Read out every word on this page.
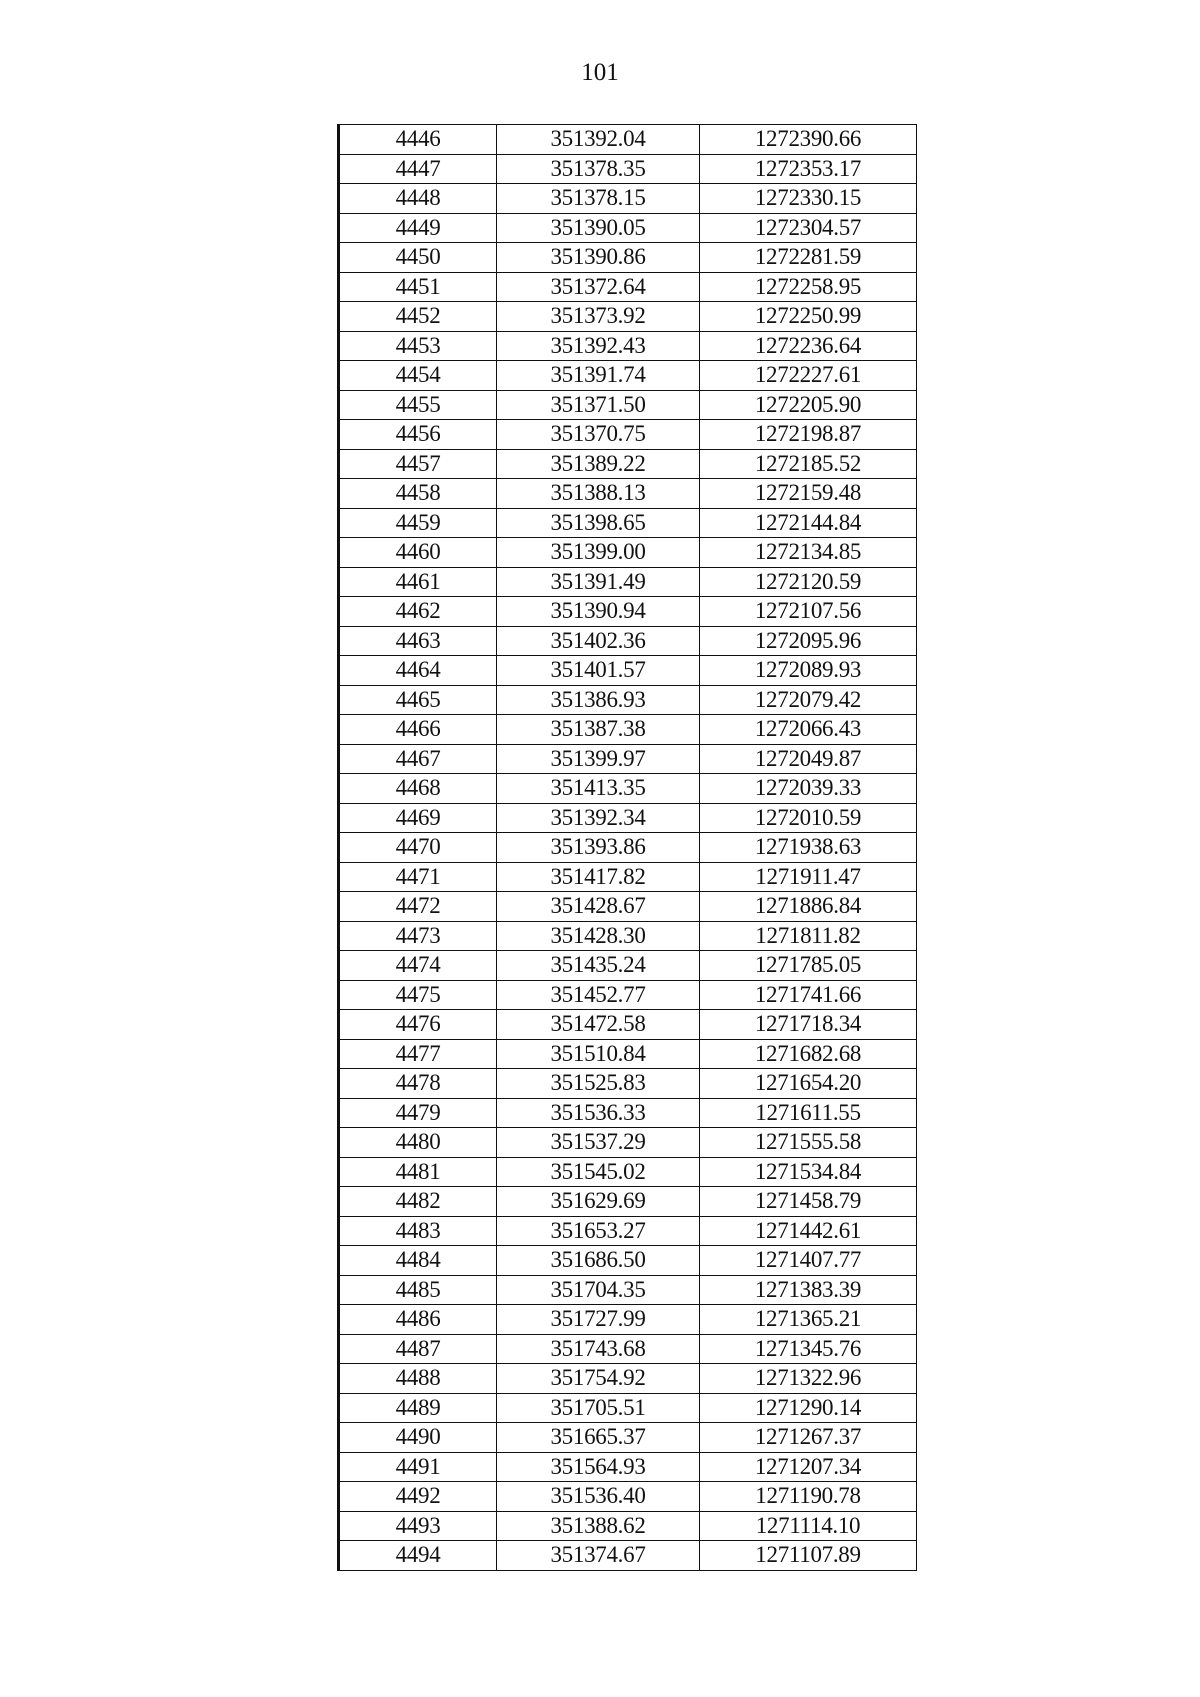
101
4446	351392.04	1272390.66
4447	351378.35	1272353.17
4448	351378.15	1272330.15
4449	351390.05	1272304.57
4450	351390.86	1272281.59
4451	351372.64	1272258.95
4452	351373.92	1272250.99
4453	351392.43	1272236.64
4454	351391.74	1272227.61
4455	351371.50	1272205.90
4456	351370.75	1272198.87
4457	351389.22	1272185.52
4458	351388.13	1272159.48
4459	351398.65	1272144.84
4460	351399.00	1272134.85
4461	351391.49	1272120.59
4462	351390.94	1272107.56
4463	351402.36	1272095.96
4464	351401.57	1272089.93
4465	351386.93	1272079.42
4466	351387.38	1272066.43
4467	351399.97	1272049.87
4468	351413.35	1272039.33
4469	351392.34	1272010.59
4470	351393.86	1271938.63
4471	351417.82	1271911.47
4472	351428.67	1271886.84
4473	351428.30	1271811.82
4474	351435.24	1271785.05
4475	351452.77	1271741.66
4476	351472.58	1271718.34
4477	351510.84	1271682.68
4478	351525.83	1271654.20
4479	351536.33	1271611.55
4480	351537.29	1271555.58
4481	351545.02	1271534.84
4482	351629.69	1271458.79
4483	351653.27	1271442.61
4484	351686.50	1271407.77
4485	351704.35	1271383.39
4486	351727.99	1271365.21
4487	351743.68	1271345.76
4488	351754.92	1271322.96
4489	351705.51	1271290.14
4490	351665.37	1271267.37
4491	351564.93	1271207.34
4492	351536.40	1271190.78
4493	351388.62	1271114.10
4494	351374.67	1271107.89
